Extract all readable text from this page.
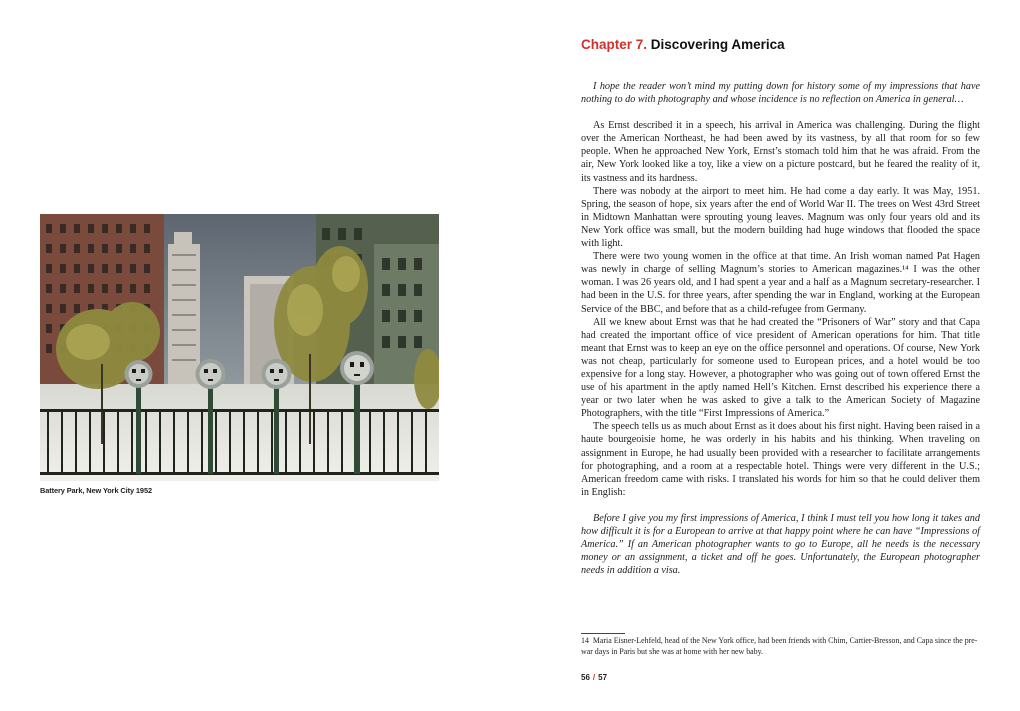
Battery Park, New York City 1952
Chapter 7. Discovering America

I hope the reader won’t mind my putting down for history some of my impressions that have nothing to do with photography and whose incidence is no reflection on America in general…

As Ernst described it in a speech, his arrival in America was challenging. During the flight over the American Northeast, he had been awed by its vastness, by all that room for so few people. When he approached New York, Ernst’s stomach told him that he was afraid. From the air, New York looked like a toy, like a view on a picture postcard, but he feared the reality of it, its vastness and its hardness.

There was nobody at the airport to meet him. He had come a day early. It was May, 1951. Spring, the season of hope, six years after the end of World War II. The trees on West 43rd Street in Midtown Manhattan were sprouting young leaves. Magnum was only four years old and its New York office was small, but the modern building had huge windows that flooded the space with light.

There were two young women in the office at that time. An Irish woman named Pat Hagen was newly in charge of selling Magnum’s stories to American magazines.¹⁴ I was the other woman. I was 26 years old, and I had spent a year and a half as a Magnum secretary-researcher. I had been in the U.S. for three years, after spending the war in England, working at the European Service of the BBC, and before that as a child-refugee from Germany.

All we knew about Ernst was that he had created the “Prisoners of War” story and that Capa had created the important office of vice president of American operations for him. That title meant that Ernst was to keep an eye on the office personnel and operations. Of course, New York was not cheap, particularly for someone used to European prices, and a hotel would be too expensive for a long stay. However, a photographer who was going out of town offered Ernst the use of his apartment in the aptly named Hell’s Kitchen. Ernst described his experience there a year or two later when he was asked to give a talk to the American Society of Magazine Photographers, with the title “First Impressions of America.”

The speech tells us as much about Ernst as it does about his first night. Having been raised in a haute bourgeoisie home, he was orderly in his habits and his thinking. When traveling on assignment in Europe, he had usually been provided with a researcher to facilitate arrangements for photographing, and a room at a respectable hotel. Things were very different in the U.S.; American freedom came with risks. I translated his words for him so that he could deliver them in English:

Before I give you my first impressions of America, I think I must tell you how long it takes and how difficult it is for a European to arrive at that happy point where he can have “Impressions of America.” If an American photographer wants to go to Europe, all he needs is the necessary money or an assignment, a ticket and off he goes. Unfortunately, the European photographer needs in addition a visa.

14 Maria Eisner-Lehfeld, head of the New York office, had been friends with Chim, Cartier-Bresson, and Capa since the pre-war days in Paris but she was at home with her new baby.
56 / 57
